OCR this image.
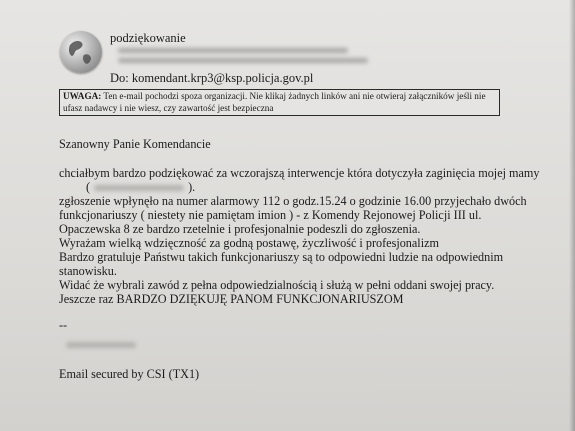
podziękowanie
Do: komendant.krp3@ksp.policja.gov.pl
UWAGA: Ten e-mail pochodzi spoza organizacji. Nie klikaj żadnych linków ani nie otwieraj załączników jeśli nie
ufasz nadawcy i nie wiesz, czy zawartość jest bezpieczna
Szanowny Panie Komendancie
chciałbym bardzo podziękować za wczorajszą interwencje która dotyczyła zaginięcia mojej mamy
(	).
zgłoszenie wpłynęło na numer alarmowy 112 o godz.15.24 o godzinie 16.00 przyjechało dwóch
funkcjonariuszy ( niestety nie pamiętam imion ) - z Komendy Rejonowej Policji III ul.
Opaczewska 8 ze bardzo rzetelnie i profesjonalnie podeszli do zgłoszenia.
Wyrażam wielką wdzięczność za godną postawę, życzliwość i profesjonalizm
Bardzo gratuluje Państwu takich funkcjonariuszy są to odpowiedni ludzie na odpowiednim
stanowisku.
Widać że wybrali zawód z pełna odpowiedzialnością i służą w pełni oddani swojej pracy.
Jeszcze raz BARDZO DZIĘKUJĘ PANOM FUNKCJONARIUSZOM
--
Email secured by CSI (TX1)
